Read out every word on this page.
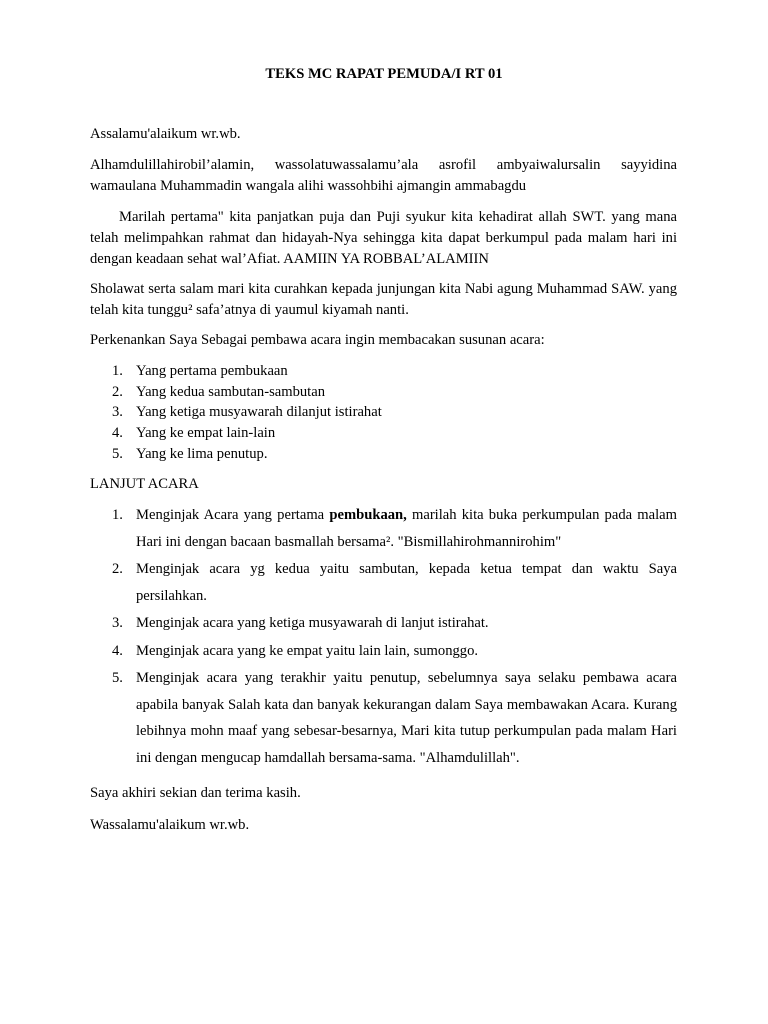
TEKS MC RAPAT PEMUDA/I RT 01
Assalamu'alaikum wr.wb.
Alhamdulillahirobil’alamin, wassolatuwassalamu’ala asrofil ambyaiwalursalin sayyidina wamaulana Muhammadin wangala alihi wassohbihi ajmangin ammabagdu
Marilah pertama" kita panjatkan puja dan Puji syukur kita kehadirat allah SWT. yang mana telah melimpahkan rahmat dan hidayah-Nya sehingga kita dapat berkumpul pada malam hari ini dengan keadaan sehat wal’Afiat. AAMIIN YA ROBBAL’ALAMIIN
Sholawat serta salam mari kita curahkan kepada junjungan kita Nabi agung Muhammad SAW. yang telah kita tunggu² safa’atnya di yaumul kiyamah nanti.
Perkenankan Saya Sebagai pembawa acara ingin membacakan susunan acara:
1. Yang pertama pembukaan
2. Yang kedua sambutan-sambutan
3. Yang ketiga musyawarah dilanjut istirahat
4. Yang ke empat lain-lain
5. Yang ke lima penutup.
LANJUT ACARA
1. Menginjak Acara yang pertama pembukaan, marilah kita buka perkumpulan pada malam Hari ini dengan bacaan basmallah bersama². "Bismillahirohmannirohim"
2. Menginjak acara yg kedua yaitu sambutan, kepada ketua tempat dan waktu Saya persilahkan.
3. Menginjak acara yang ketiga musyawarah di lanjut istirahat.
4. Menginjak acara yang ke empat yaitu lain lain, sumonggo.
5. Menginjak acara yang terakhir yaitu penutup, sebelumnya saya selaku pembawa acara apabila banyak Salah kata dan banyak kekurangan dalam Saya membawakan Acara. Kurang lebihnya mohn maaf yang sebesar-besarnya, Mari kita tutup perkumpulan pada malam Hari ini dengan mengucap hamdallah bersama-sama. "Alhamdulillah".
Saya akhiri sekian dan terima kasih.
Wassalamu'alaikum wr.wb.
